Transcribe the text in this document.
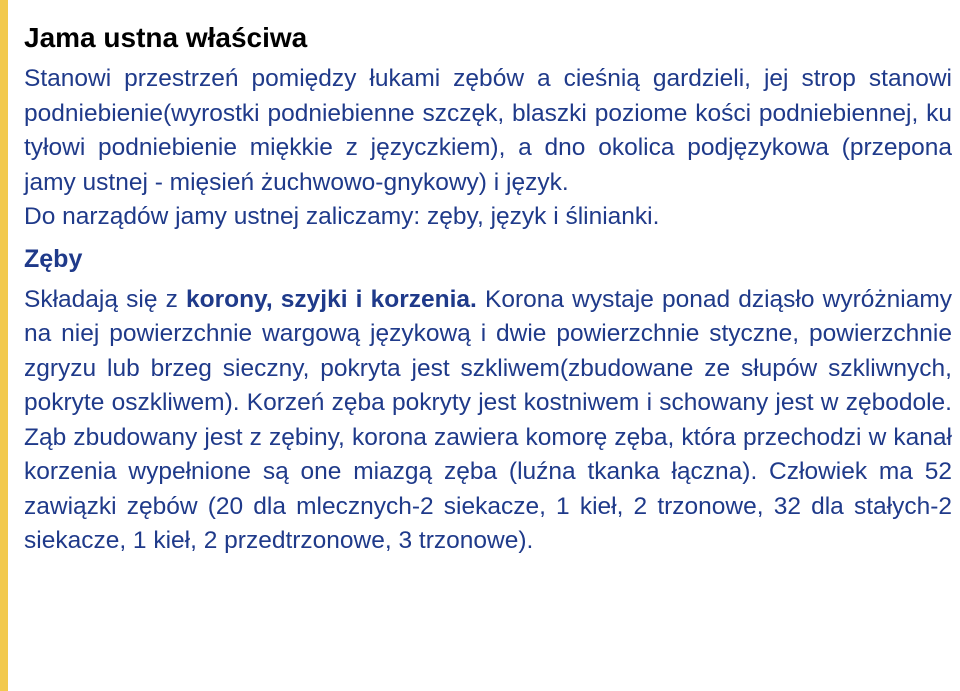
Jama ustna właściwa

Stanowi przestrzeń pomiędzy łukami zębów a cieśnią gardzieli, jej strop stanowi podniebienie(wyrostki podniebienne szczęk, blaszki poziome kości podniebiennej, ku tyłowi podniebienie miękkie z języczkiem), a dno okolica podjęzykowa (przepona jamy ustnej - mięsień żuchwowo-gnykowy) i język.

Do narządów jamy ustnej zaliczamy: zęby, język i ślinianki.

Zęby

Składają się z korony, szyjki i korzenia. Korona wystaje ponad dziąsło wyróżniamy na niej powierzchnie wargową językową i dwie powierzchnie styczne, powierzchnie zgryzu lub brzeg sieczny, pokryta jest szkliwem(zbudowane ze słupów szkliwnych, pokryte oszkliwem). Korzeń zęba pokryty jest kostniwem i schowany jest w zębodole. Ząb zbudowany jest z zębiny, korona zawiera komorę zęba, która przechodzi w kanał korzenia wypełnione są one miazgą zęba (luźna tkanka łączna). Człowiek ma 52 zawiązki zębów (20 dla mlecznych-2 siekacze, 1 kieł, 2 trzonowe, 32 dla stałych-2 siekacze, 1 kieł, 2 przedtrzonowe, 3 trzonowe).
